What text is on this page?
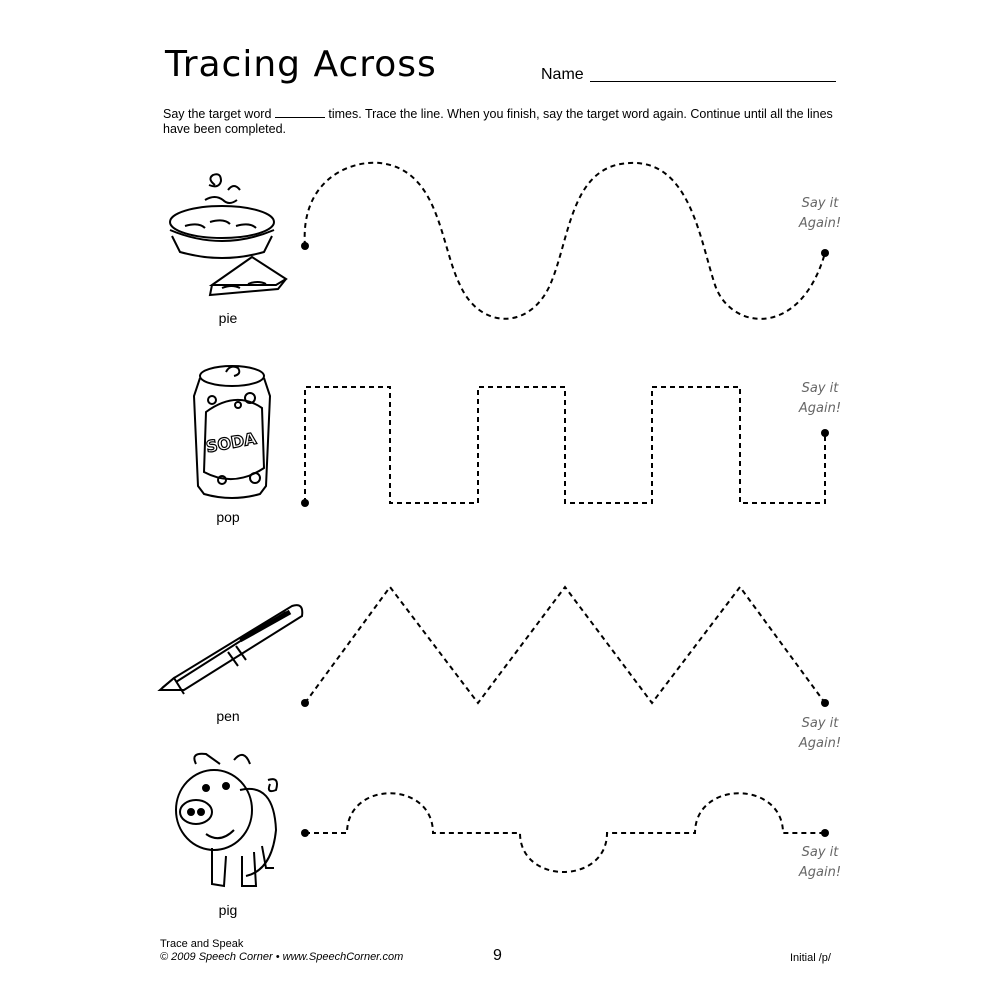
Tracing Across	Name
Say the target word	times. Trace the line. When you finish, say the target word again. Continue until all the lines have been completed.
SODA
pie
pop
pen
pig
Say it
Again!
Say it
Again!
Say it
Again!
Say it
Again!
Trace and Speak
© 2009 Speech Corner • www.SpeechCorner.com	9	Initial /p/
